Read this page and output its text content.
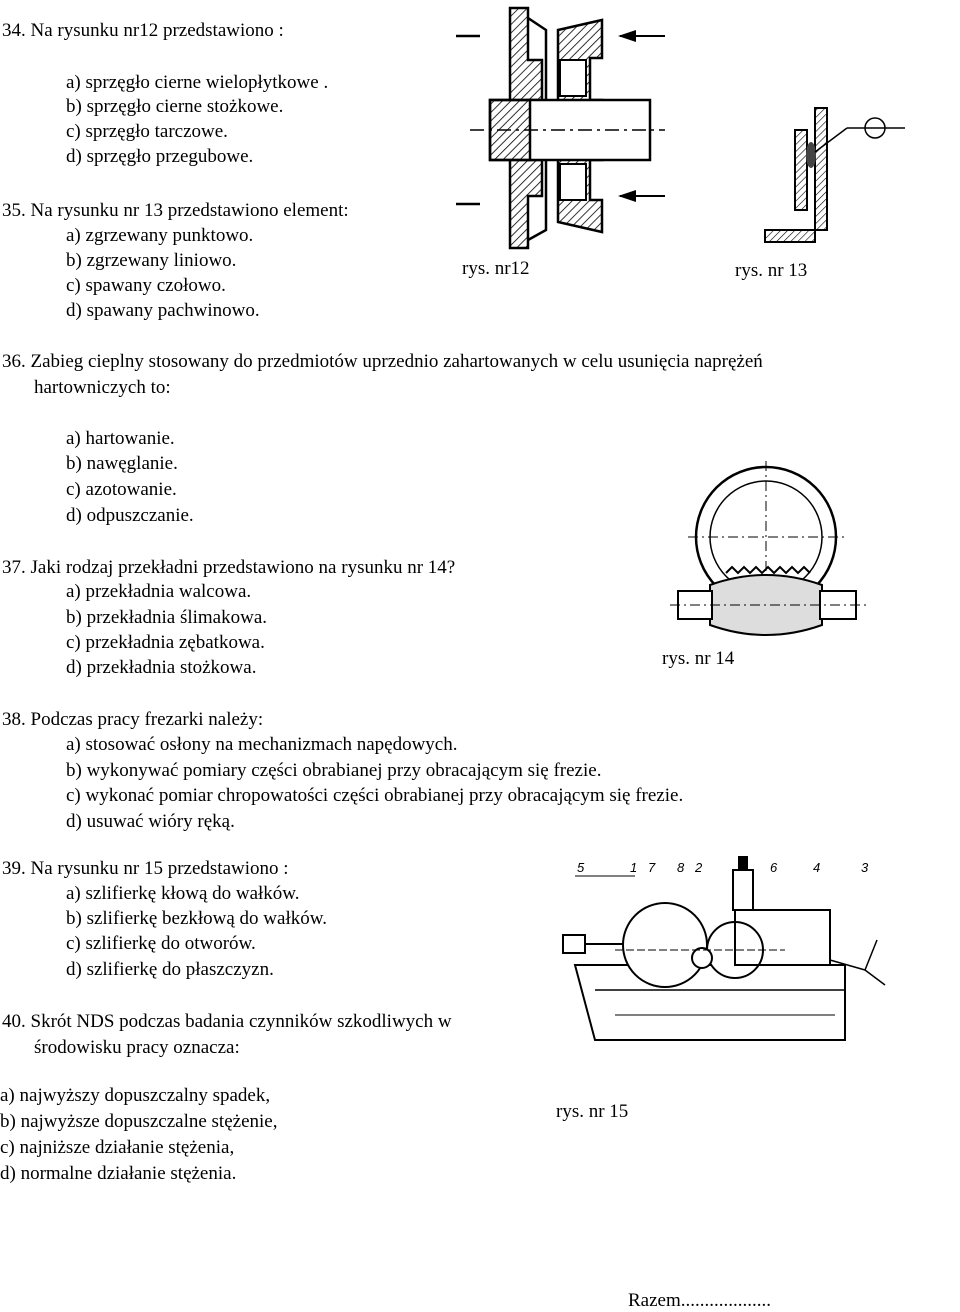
34. Na rysunku nr12 przedstawiono :
a) sprzęgło cierne wielopłytkowe .
b) sprzęgło cierne stożkowe.
c) sprzęgło tarczowe.
d) sprzęgło przegubowe.
35. Na rysunku nr 13 przedstawiono element:
a) zgrzewany punktowo.
b) zgrzewany liniowo.
c) spawany czołowo.
d) spawany pachwinowo.
36. Zabieg cieplny stosowany do przedmiotów uprzednio zahartowanych w celu usunięcia naprężeń
hartowniczych to:
a) hartowanie.
b) nawęglanie.
c) azotowanie.
d) odpuszczanie.
37. Jaki rodzaj przekładni przedstawiono na rysunku nr 14?
a) przekładnia walcowa.
b) przekładnia ślimakowa.
c) przekładnia zębatkowa.
d) przekładnia stożkowa.
38. Podczas pracy frezarki należy:
a) stosować osłony na mechanizmach napędowych.
b) wykonywać pomiary części obrabianej przy obracającym się frezie.
c) wykonać pomiar chropowatości części obrabianej przy obracającym się frezie.
d) usuwać wióry ręką.
39. Na rysunku nr 15 przedstawiono :
a) szlifierkę kłową do wałków.
b) szlifierkę bezkłową do wałków.
c) szlifierkę do otworów.
d) szlifierkę do płaszczyzn.
40. Skrót NDS podczas badania czynników szkodliwych w
środowisku pracy oznacza:
a) najwyższy dopuszczalny spadek,
b) najwyższe dopuszczalne stężenie,
c) najniższe działanie stężenia,
d) normalne działanie stężenia.
rys. nr12	rys. nr 13
rys. nr 14
5	1 7 8 2	6	4	3
rys. nr 15
Razem...................
